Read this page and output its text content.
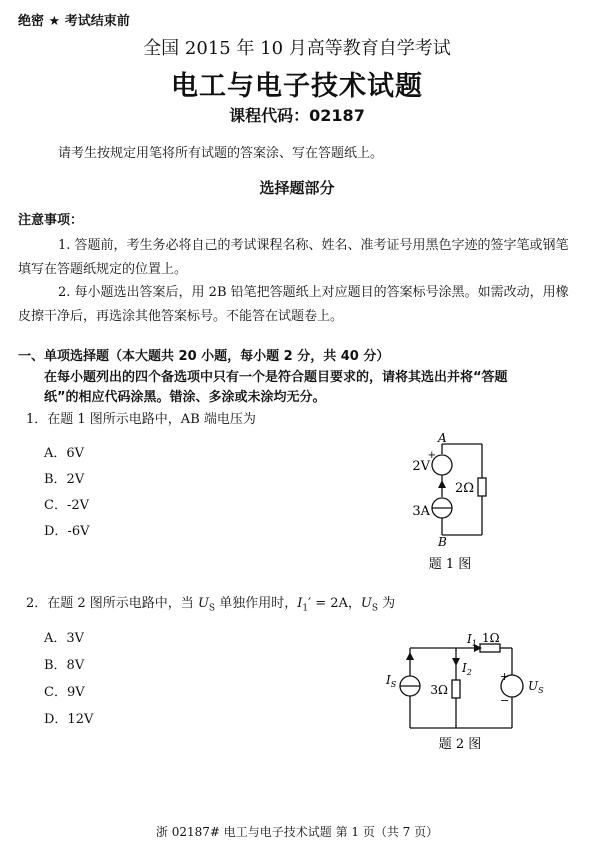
绝密 ★ 考试结束前
全国 2015 年 10 月高等教育自学考试
电工与电子技术试题
课程代码：02187
请考生按规定用笔将所有试题的答案涂、写在答题纸上。
选择题部分
注意事项：
1. 答题前，考生务必将自己的考试课程名称、姓名、准考证号用黑色字迹的签字笔或钢笔
填写在答题纸规定的位置上。
2. 每小题选出答案后，用 2B 铅笔把答题纸上对应题目的答案标号涂黑。如需改动，用橡
皮擦干净后，再选涂其他答案标号。不能答在试题卷上。
一、单项选择题（本大题共 20 小题，每小题 2 分，共 40 分）
在每小题列出的四个备选项中只有一个是符合题目要求的，请将其选出并将“答题
纸”的相应代码涂黑。错涂、多涂或未涂均无分。
1．在题 1 图所示电路中，AB 端电压为
A．6V
B．2V
C．-2V
D．-6V
+
A
B
2V
2Ω
3A
题 1 图
2．在题 2 图所示电路中，当 $U_S$ 单独作用时，$I_1' = 2A$，$U_S$ 为
A．3V
B．8V
C．9V
D．12V
$I_1$ 1Ω
$I_2$
$I_S$	3Ω
+
−
$U_S$
题 2 图
浙 02187# 电工与电子技术试题 第 1 页（共 7 页）
